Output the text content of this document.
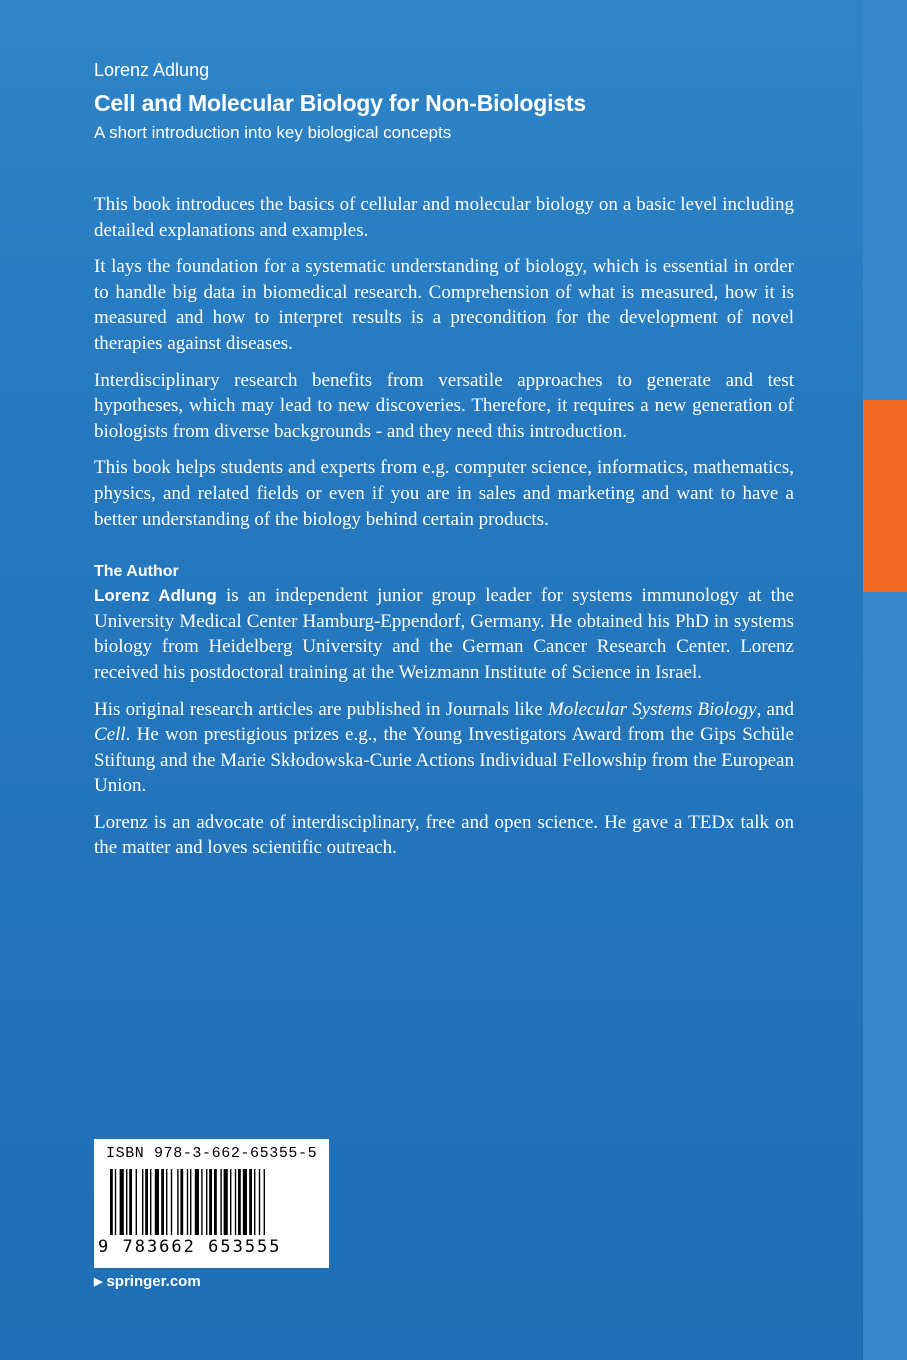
Lorenz Adlung
Cell and Molecular Biology for Non-Biologists
A short introduction into key biological concepts

This book introduces the basics of cellular and molecular biology on a basic level including detailed explanations and examples.

It lays the foundation for a systematic understanding of biology, which is essential in order to handle big data in biomedical research. Comprehension of what is measured, how it is measured and how to interpret results is a precondition for the development of novel therapies against diseases.

Interdisciplinary research benefits from versatile approaches to generate and test hypotheses, which may lead to new discoveries. Therefore, it requires a new generation of biologists from diverse backgrounds - and they need this introduction.

This book helps students and experts from e.g. computer science, informatics, mathematics, physics, and related fields or even if you are in sales and marketing and want to have a better understanding of the biology behind certain products.

The Author

Lorenz Adlung is an independent junior group leader for systems immunology at the University Medical Center Hamburg-Eppendorf, Germany. He obtained his PhD in systems biology from Heidelberg University and the German Cancer Research Center. Lorenz received his postdoctoral training at the Weizmann Institute of Science in Israel.

His original research articles are published in Journals like Molecular Systems Biology, and Cell. He won prestigious prizes e.g., the Young Investigators Award from the Gips Schüle Stiftung and the Marie Skłodowska-Curie Actions Individual Fellowship from the European Union.

Lorenz is an advocate of interdisciplinary, free and open science. He gave a TEDx talk on the matter and loves scientific outreach.

ISBN 978-3-662-65355-5
9 783662 653555
▶ springer.com
